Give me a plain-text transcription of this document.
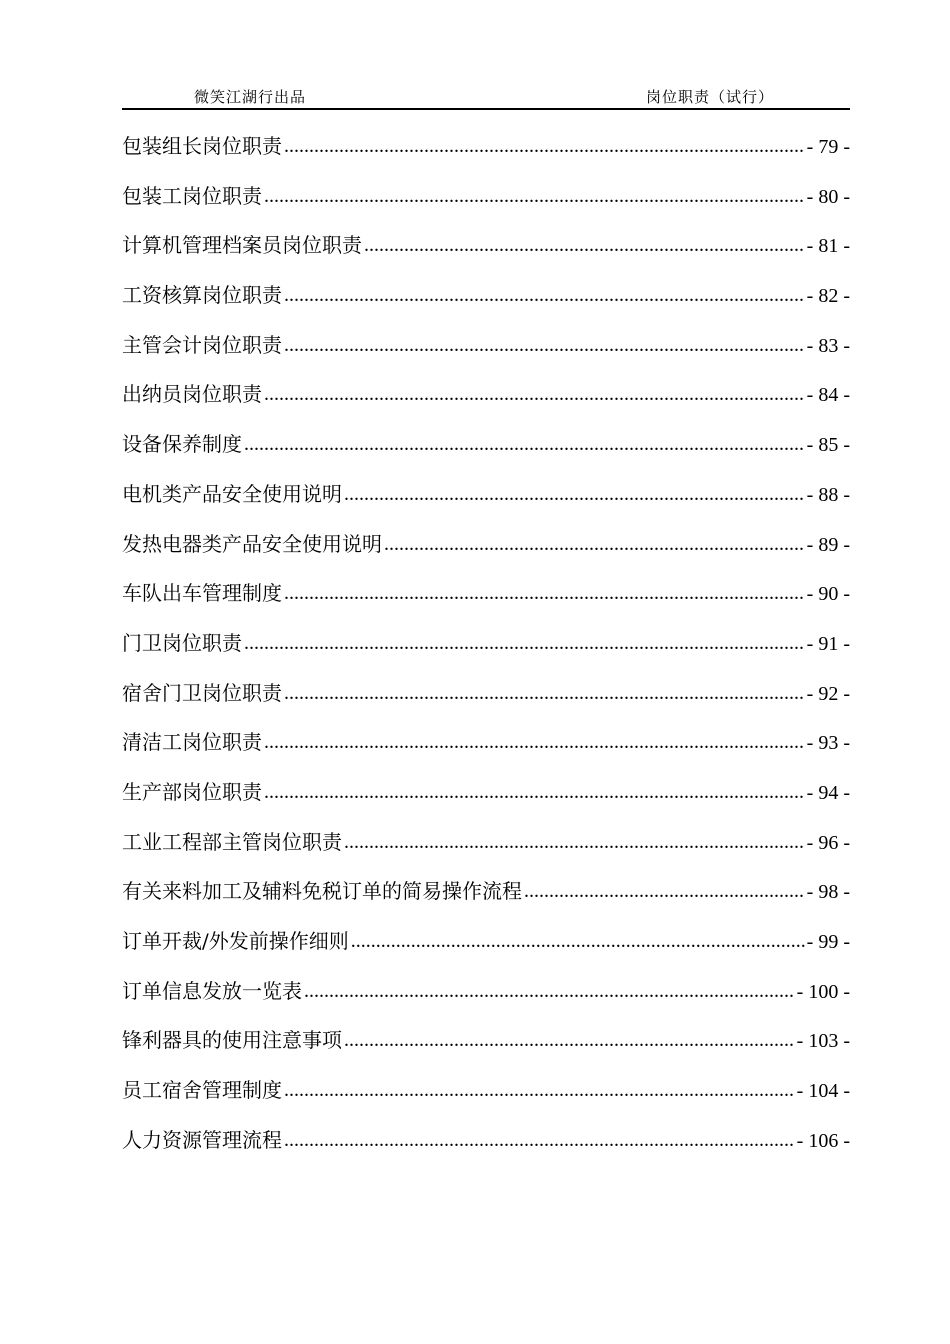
微笑江湖行出品	岗位职责（试行）
包装组长岗位职责 .....	- 79 -
包装工岗位职责 .....	- 80 -
计算机管理档案员岗位职责 .....	- 81 -
工资核算岗位职责 .....	- 82 -
主管会计岗位职责 .....	- 83 -
出纳员岗位职责 .....	- 84 -
设备保养制度 .....	- 85 -
电机类产品安全使用说明 .....	- 88 -
发热电器类产品安全使用说明 .....	- 89 -
车队出车管理制度 .....	- 90 -
门卫岗位职责 .....	- 91 -
宿舍门卫岗位职责 .....	- 92 -
清洁工岗位职责 .....	- 93 -
生产部岗位职责 .....	- 94 -
工业工程部主管岗位职责 .....	- 96 -
有关来料加工及辅料免税订单的简易操作流程 .....	- 98 -
订单开裁/外发前操作细则 .....	- 99 -
订单信息发放一览表 .....	- 100 -
锋利器具的使用注意事项 .....	- 103 -
员工宿舍管理制度 .....	- 104 -
人力资源管理流程 .....	- 106 -
